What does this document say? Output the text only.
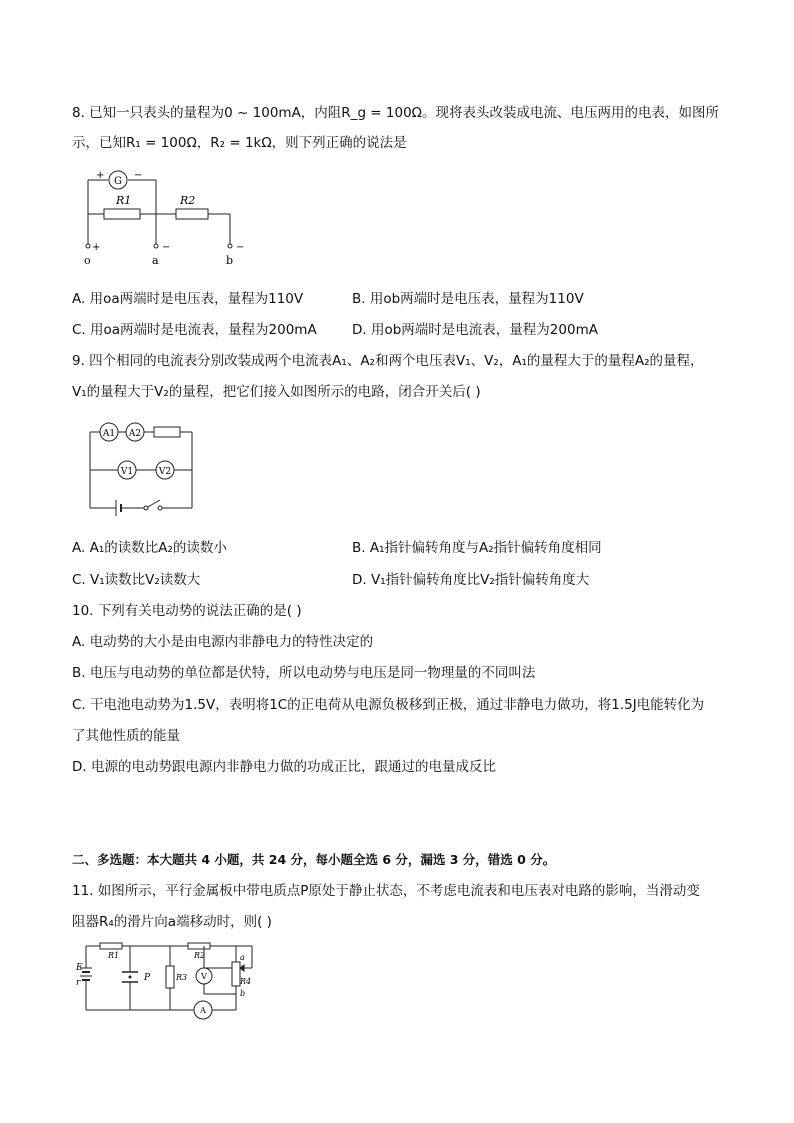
8. 已知一只表头的量程为0 ~ 100mA，内阻R_g = 100Ω。现将表头改装成电流、电压两用的电表，如图所
示，已知R₁ = 100Ω，R₂ = 1kΩ，则下列正确的说法是
G
+	−
R1	R2
+	−	−
o	a	b
A. 用oa两端时是电压表，量程为110V	B. 用ob两端时是电压表，量程为110V
C. 用oa两端时是电流表，量程为200mA	D. 用ob两端时是电流表，量程为200mA
9. 四个相同的电流表分别改装成两个电流表A₁、A₂和两个电压表V₁、V₂，A₁的量程大于的量程A₂的量程，
V₁的量程大于V₂的量程，把它们接入如图所示的电路，闭合开关后( )
A1 A2
V1	V2
A. A₁的读数比A₂的读数小	B. A₁指针偏转角度与A₂指针偏转角度相同
C. V₁读数比V₂读数大	D. V₁指针偏转角度比V₂指针偏转角度大
10. 下列有关电动势的说法正确的是( )
A. 电动势的大小是由电源内非静电力的特性决定的
B. 电压与电动势的单位都是伏特，所以电动势与电压是同一物理量的不同叫法
C. 干电池电动势为1.5V，表明将1C的正电荷从电源负极移到正极，通过非静电力做功，将1.5J电能转化为
了其他性质的能量
D. 电源的电动势跟电源内非静电力做的功成正比，跟通过的电量成反比
二、多选题：本大题共 4 小题，共 24 分，每小题全选 6 分，漏选 3 分，错选 0 分。
11. 如图所示，平行金属板中带电质点P原处于静止状态，不考虑电流表和电压表对电路的影响，当滑动变
阻器R₄的滑片向a端移动时，则( )
E
r
R1	R2
R3	R4
P	V
A
a
b
